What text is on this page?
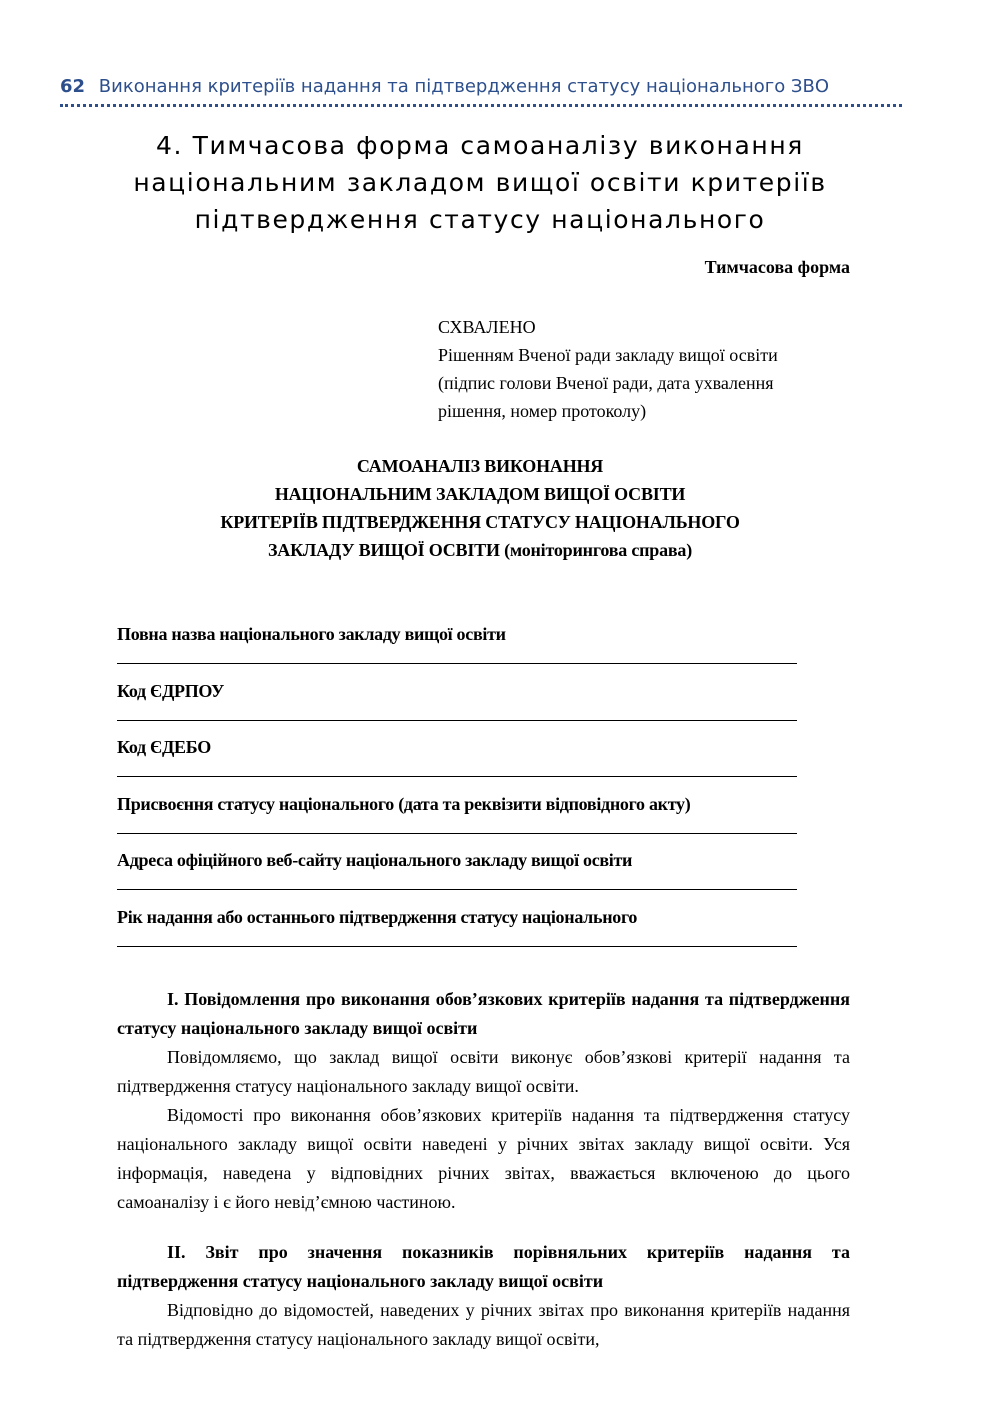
62 Виконання критеріїв надання та підтвердження статусу національного ЗВО
4. Тимчасова форма самоаналізу виконання
національним закладом вищої освіти критеріїв
підтвердження статусу національного
Тимчасова форма
СХВАЛЕНО
Рішенням Вченої ради закладу вищої освіти
(підпис голови Вченої ради, дата ухвалення
рішення, номер протоколу)
САМОАНАЛІЗ ВИКОНАННЯ
НАЦІОНАЛЬНИМ ЗАКЛАДОМ ВИЩОЇ ОСВІТИ
КРИТЕРІЇВ ПІДТВЕРДЖЕННЯ СТАТУСУ НАЦІОНАЛЬНОГО
ЗАКЛАДУ ВИЩОЇ ОСВІТИ (моніторингова справа)
Повна назва національного закладу вищої освіти
Код ЄДРПОУ
Код ЄДЕБО
Присвоєння статусу національного (дата та реквізити відповідного акту)
Адреса офіційного веб-сайту національного закладу вищої освіти
Рік надання або останнього підтвердження статусу національного
I. Повідомлення про виконання обов’язкових критеріїв надання та підтвердження статусу національного закладу вищої освіти
Повідомляємо, що заклад вищої освіти виконує обов’язкові критерії надання та підтвердження статусу національного закладу вищої освіти.
Відомості про виконання обов’язкових критеріїв надання та підтвердження статусу національного закладу вищої освіти наведені у річних звітах закладу вищої освіти. Уся інформація, наведена у відповідних річних звітах, вважається включеною до цього самоаналізу і є його невід’ємною частиною.
II. Звіт про значення показників порівняльних критеріїв надання та підтвердження статусу національного закладу вищої освіти
Відповідно до відомостей, наведених у річних звітах про виконання критеріїв надання та підтвердження статусу національного закладу вищої освіти,
